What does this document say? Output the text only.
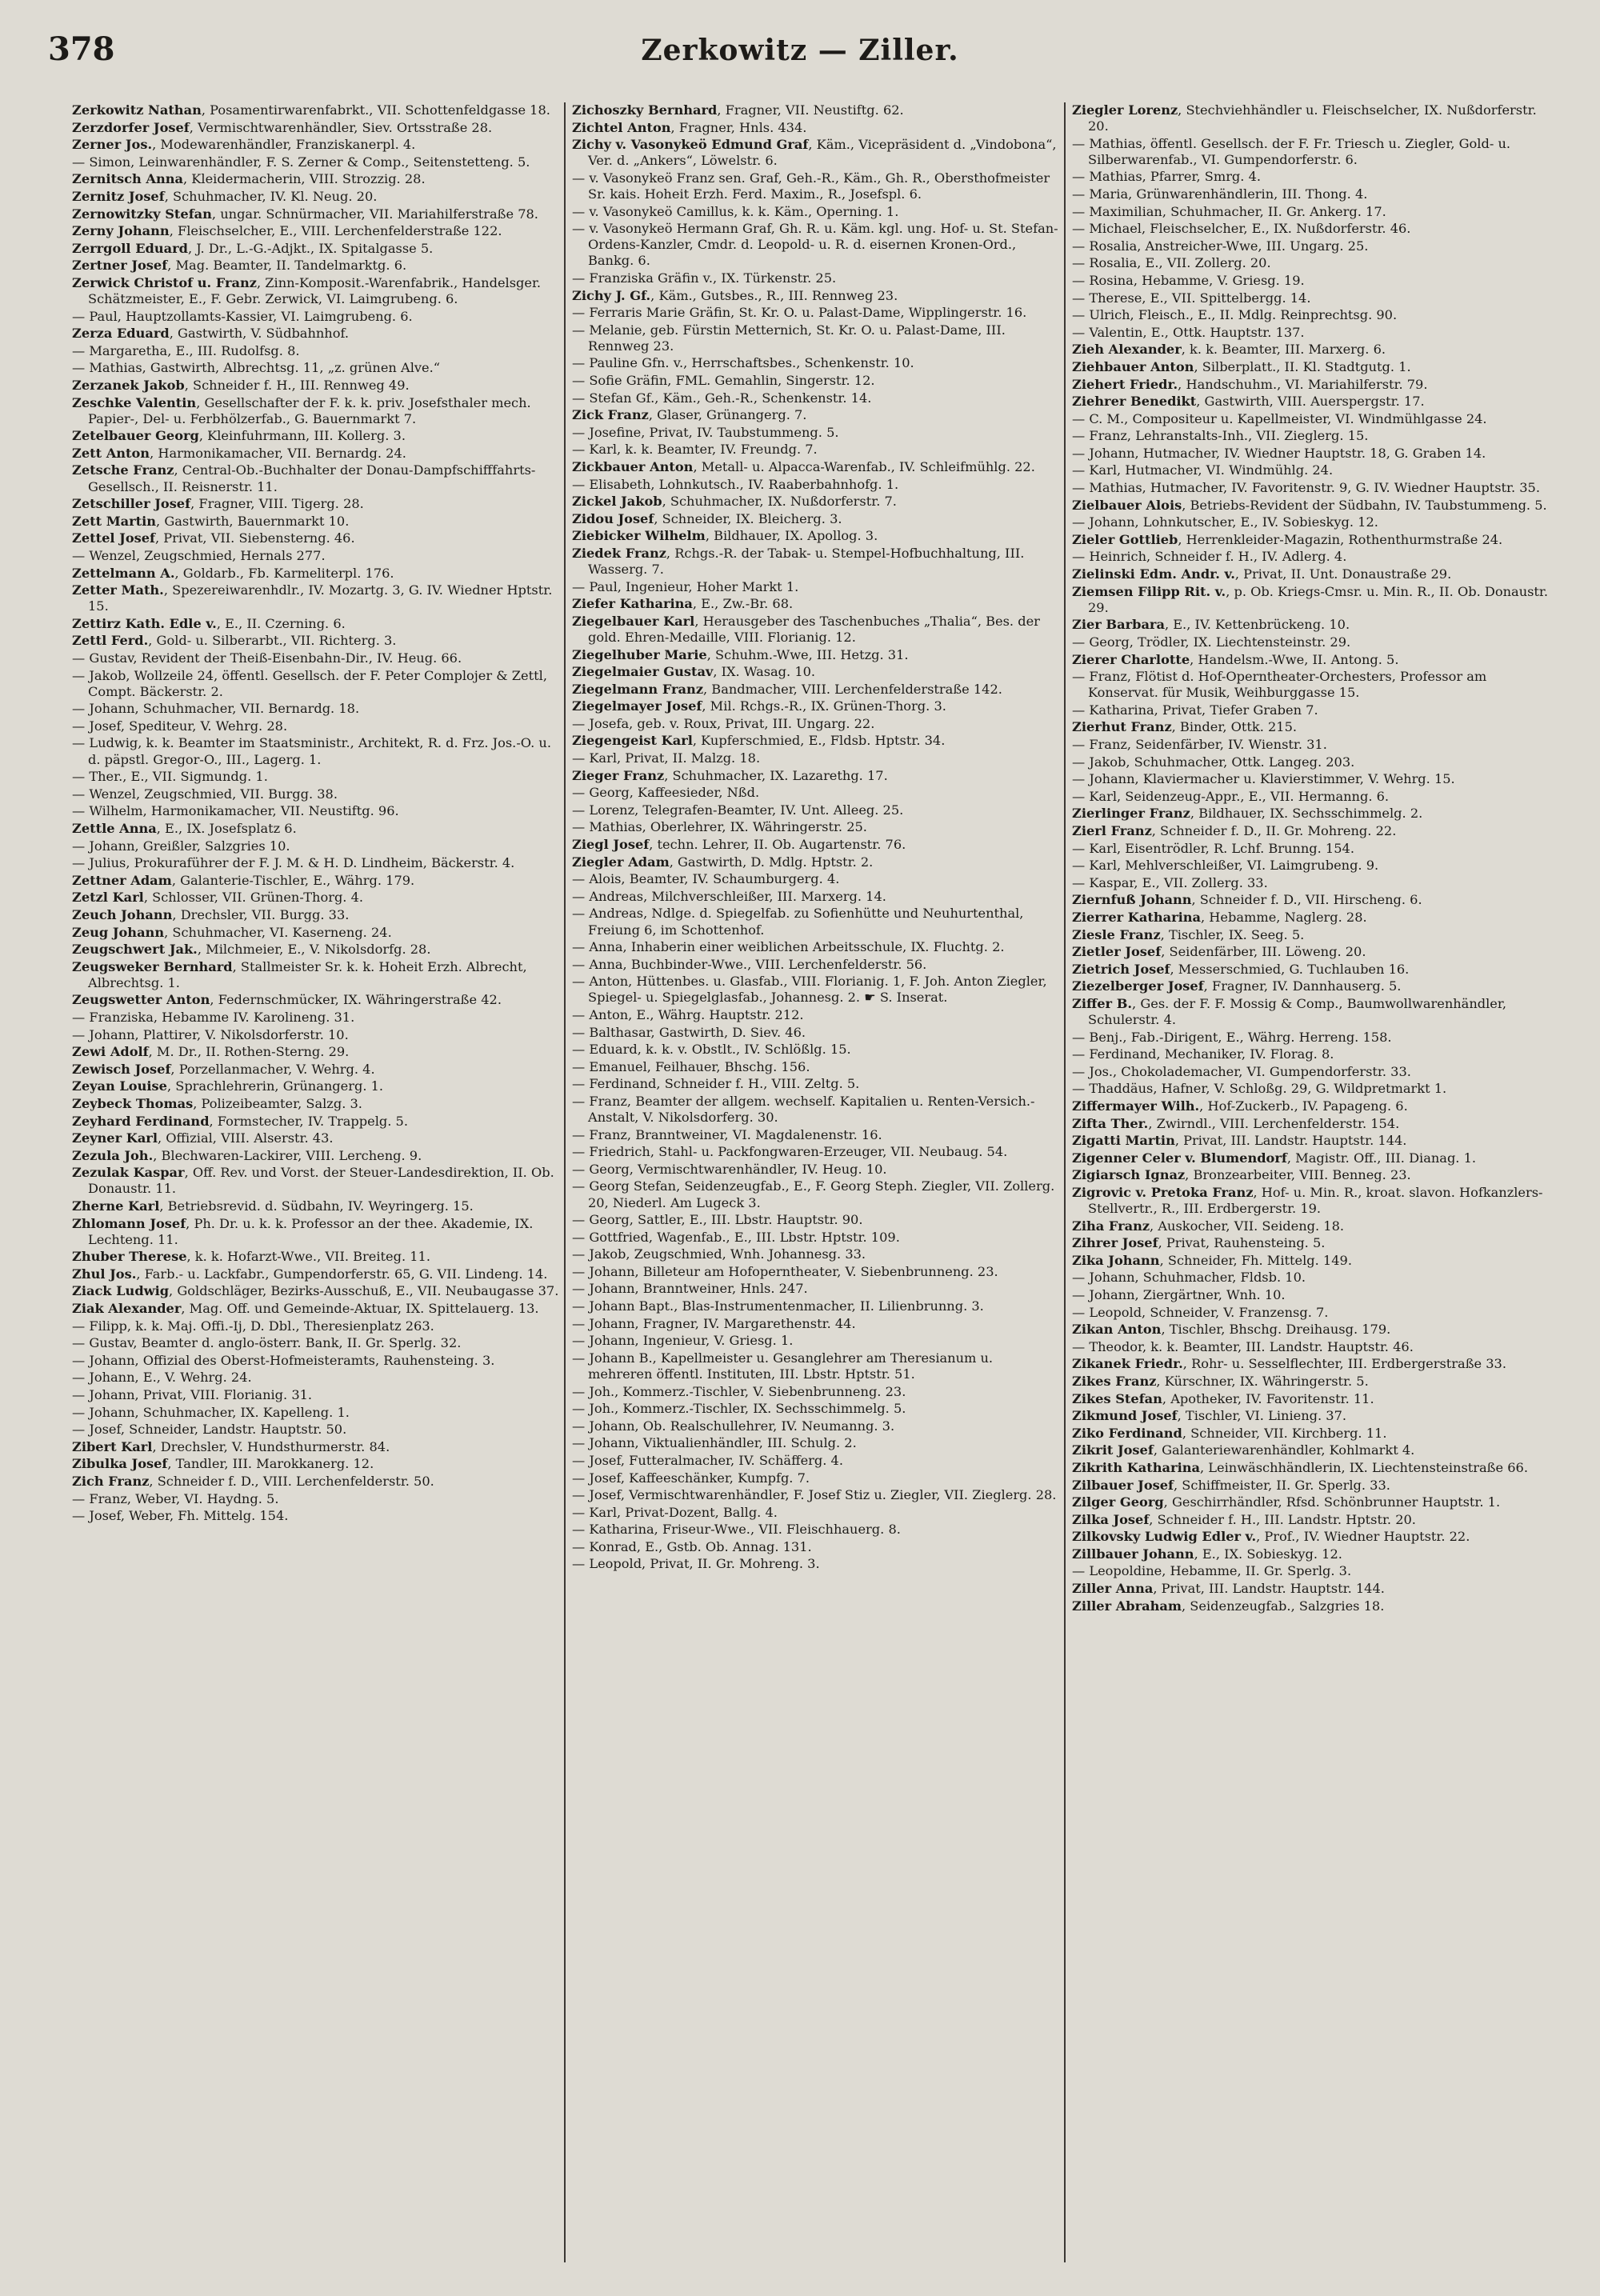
378	Zerkowitz — Ziller.

Zerkowitz Nathan, Posamentirwarenfabrkt., VII. Schottenfeldgasse 18.

Zerzdorfer Josef, Vermischtwarenhändler, Siev. Ortsstraße 28.

Zerner Jos., Modewarenhändler, Franziskanerpl. 4.

— Simon, Leinwarenhändler, F. S. Zerner & Comp., Seitenstetteng. 5.

Zernitsch Anna, Kleidermacherin, VIII. Strozzig. 28.

Zernitz Josef, Schuhmacher, IV. Kl. Neug. 20.

Zernowitzky Stefan, ungar. Schnürmacher, VII. Mariahilferstraße 78.

Zerny Johann, Fleischselcher, E., VIII. Lerchenfelderstraße 122.

Zerrgoll Eduard, J. Dr., L.-G.-Adjkt., IX. Spitalgasse 5.

Zertner Josef, Mag. Beamter, II. Tandelmarktg. 6.

Zerwick Christof u. Franz, Zinn-Komposit.-Warenfabrik., Handelsger. Schätzmeister, E., F. Gebr. Zerwick, VI. Laimgrubeng. 6.

— Paul, Hauptzollamts-Kassier, VI. Laimgrubeng. 6.

Zerza Eduard, Gastwirth, V. Südbahnhof.

— Margaretha, E., III. Rudolfsg. 8.

— Mathias, Gastwirth, Albrechtsg. 11, „z. grünen Alve.“

Zerzanek Jakob, Schneider f. H., III. Rennweg 49.

Zeschke Valentin, Gesellschafter der F. k. k. priv. Josefsthaler mech. Papier-, Del- u. Ferbhölzerfab., G. Bauernmarkt 7.

Zetelbauer Georg, Kleinfuhrmann, III. Kollerg. 3.

Zett Anton, Harmonikamacher, VII. Bernardg. 24.

Zetsche Franz, Central-Ob.-Buchhalter der Donau-Dampfschifffahrts-Gesellsch., II. Reisnerstr. 11.

Zetschiller Josef, Fragner, VIII. Tigerg. 28.

Zett Martin, Gastwirth, Bauernmarkt 10.

Zettel Josef, Privat, VII. Siebensterng. 46.

— Wenzel, Zeugschmied, Hernals 277.

Zettelmann A., Goldarb., Fb. Karmeliterpl. 176.

Zetter Math., Spezereiwarenhdlr., IV. Mozartg. 3, G. IV. Wiedner Hptstr. 15.

Zettirz Kath. Edle v., E., II. Czerning. 6.

Zettl Ferd., Gold- u. Silberarbt., VII. Richterg. 3.

— Gustav, Revident der Theiß-Eisenbahn-Dir., IV. Heug. 66.

— Jakob, Wollzeile 24, öffentl. Gesellsch. der F. Peter Complojer & Zettl, Compt. Bäckerstr. 2.

— Johann, Schuhmacher, VII. Bernardg. 18.

— Josef, Spediteur, V. Wehrg. 28.

— Ludwig, k. k. Beamter im Staatsministr., Architekt, R. d. Frz. Jos.-O. u. d. päpstl. Gregor-O., III., Lagerg. 1.

— Ther., E., VII. Sigmundg. 1.

— Wenzel, Zeugschmied, VII. Burgg. 38.

— Wilhelm, Harmonikamacher, VII. Neustiftg. 96.

Zettle Anna, E., IX. Josefsplatz 6.

— Johann, Greißler, Salzgries 10.

— Julius, Prokuraführer der F. J. M. & H. D. Lindheim, Bäckerstr. 4.

Zettner Adam, Galanterie-Tischler, E., Währg. 179.

Zetzl Karl, Schlosser, VII. Grünen-Thorg. 4.

Zeuch Johann, Drechsler, VII. Burgg. 33.

Zeug Johann, Schuhmacher, VI. Kaserneng. 24.

Zeugschwert Jak., Milchmeier, E., V. Nikolsdorfg. 28.

Zeugsweker Bernhard, Stallmeister Sr. k. k. Hoheit Erzh. Albrecht, Albrechtsg. 1.

Zeugswetter Anton, Federnschmücker, IX. Währingerstraße 42.

— Franziska, Hebamme IV. Karolineng. 31.

— Johann, Plattirer, V. Nikolsdorferstr. 10.

Zewi Adolf, M. Dr., II. Rothen-Sterng. 29.

Zewisch Josef, Porzellanmacher, V. Wehrg. 4.

Zeyan Louise, Sprachlehrerin, Grünangerg. 1.

Zeybeck Thomas, Polizeibeamter, Salzg. 3.

Zeyhard Ferdinand, Formstecher, IV. Trappelg. 5.

Zeyner Karl, Offizial, VIII. Alserstr. 43.

Zezula Joh., Blechwaren-Lackirer, VIII. Lercheng. 9.

Zezulak Kaspar, Off. Rev. und Vorst. der Steuer-Landesdirektion, II. Ob. Donaustr. 11.

Zherne Karl, Betriebsrevid. d. Südbahn, IV. Weyringerg. 15.

Zhlomann Josef, Ph. Dr. u. k. k. Professor an der thee. Akademie, IX. Lechteng. 11.

Zhuber Therese, k. k. Hofarzt-Wwe., VII. Breiteg. 11.

Zhul Jos., Farb.- u. Lackfabr., Gumpendorferstr. 65, G. VII. Lindeng. 14.

Ziack Ludwig, Goldschläger, Bezirks-Ausschuß, E., VII. Neubaugasse 37.

Ziak Alexander, Mag. Off. und Gemeinde-Aktuar, IX. Spittelauerg. 13.

— Filipp, k. k. Maj. Offi.-Ij, D. Dbl., Theresienplatz 263.

— Gustav, Beamter d. anglo-österr. Bank, II. Gr. Sperlg. 32.

— Johann, Offizial des Oberst-Hofmeisteramts, Rauhensteing. 3.

— Johann, E., V. Wehrg. 24.

— Johann, Privat, VIII. Florianig. 31.

— Johann, Schuhmacher, IX. Kapelleng. 1.

— Josef, Schneider, Landstr. Hauptstr. 50.

Zibert Karl, Drechsler, V. Hundsthurmerstr. 84.

Zibulka Josef, Tandler, III. Marokkanerg. 12.

Zich Franz, Schneider f. D., VIII. Lerchenfelderstr. 50.

— Franz, Weber, VI. Haydng. 5.

— Josef, Weber, Fh. Mittelg. 154.

Zichoszky Bernhard, Fragner, VII. Neustiftg. 62.

Zichtel Anton, Fragner, Hnls. 434.

Zichy v. Vasonykeö Edmund Graf, Käm., Vicepräsident d. „Vindobona“, Ver. d. „Ankers“, Löwelstr. 6.

— v. Vasonykeö Franz sen. Graf, Geh.-R., Käm., Gh. R., Obersthofmeister Sr. kais. Hoheit Erzh. Ferd. Maxim., R., Josefspl. 6.

— v. Vasonykeö Camillus, k. k. Käm., Operning. 1.

— v. Vasonykeö Hermann Graf, Gh. R. u. Käm. kgl. ung. Hof- u. St. Stefan-Ordens-Kanzler, Cmdr. d. Leopold- u. R. d. eisernen Kronen-Ord., Bankg. 6.

— Franziska Gräfin v., IX. Türkenstr. 25.

Zichy J. Gf., Käm., Gutsbes., R., III. Rennweg 23.

— Ferraris Marie Gräfin, St. Kr. O. u. Palast-Dame, Wipplingerstr. 16.

— Melanie, geb. Fürstin Metternich, St. Kr. O. u. Palast-Dame, III. Rennweg 23.

— Pauline Gfn. v., Herrschaftsbes., Schenkenstr. 10.

— Sofie Gräfin, FML. Gemahlin, Singerstr. 12.

— Stefan Gf., Käm., Geh.-R., Schenkenstr. 14.

Zick Franz, Glaser, Grünangerg. 7.

— Josefine, Privat, IV. Taubstummeng. 5.

— Karl, k. k. Beamter, IV. Freundg. 7.

Zickbauer Anton, Metall- u. Alpacca-Warenfab., IV. Schleifmühlg. 22.

— Elisabeth, Lohnkutsch., IV. Raaberbahnhofg. 1.

Zickel Jakob, Schuhmacher, IX. Nußdorferstr. 7.

Zidou Josef, Schneider, IX. Bleicherg. 3.

Ziebicker Wilhelm, Bildhauer, IX. Apollog. 3.

Ziedek Franz, Rchgs.-R. der Tabak- u. Stempel-Hofbuchhaltung, III. Wasserg. 7.

— Paul, Ingenieur, Hoher Markt 1.

Ziefer Katharina, E., Zw.-Br. 68.

Ziegelbauer Karl, Herausgeber des Taschenbuches „Thalia“, Bes. der gold. Ehren-Medaille, VIII. Florianig. 12.

Ziegelhuber Marie, Schuhm.-Wwe, III. Hetzg. 31.

Ziegelmaier Gustav, IX. Wasag. 10.

Ziegelmann Franz, Bandmacher, VIII. Lerchenfelderstraße 142.

Ziegelmayer Josef, Mil. Rchgs.-R., IX. Grünen-Thorg. 3.

— Josefa, geb. v. Roux, Privat, III. Ungarg. 22.

Ziegengeist Karl, Kupferschmied, E., Fldsb. Hptstr. 34.

— Karl, Privat, II. Malzg. 18.

Zieger Franz, Schuhmacher, IX. Lazarethg. 17.

— Georg, Kaffeesieder, Nßd.

— Lorenz, Telegrafen-Beamter, IV. Unt. Alleeg. 25.

— Mathias, Oberlehrer, IX. Währingerstr. 25.

Ziegl Josef, techn. Lehrer, II. Ob. Augartenstr. 76.

Ziegler Adam, Gastwirth, D. Mdlg. Hptstr. 2.

— Alois, Beamter, IV. Schaumburgerg. 4.

— Andreas, Milchverschleißer, III. Marxerg. 14.

— Andreas, Ndlge. d. Spiegelfab. zu Sofienhütte und Neuhurtenthal, Freiung 6, im Schottenhof.

— Anna, Inhaberin einer weiblichen Arbeitsschule, IX. Fluchtg. 2.

— Anna, Buchbinder-Wwe., VIII. Lerchenfelderstr. 56.

— Anton, Hüttenbes. u. Glasfab., VIII. Florianig. 1, F. Joh. Anton Ziegler, Spiegel- u. Spiegelglasfab., Johannesg. 2. ☛ S. Inserat.

— Anton, E., Währg. Hauptstr. 212.

— Balthasar, Gastwirth, D. Siev. 46.

— Eduard, k. k. v. Obstlt., IV. Schlößlg. 15.

— Emanuel, Feilhauer, Bhschg. 156.

— Ferdinand, Schneider f. H., VIII. Zeltg. 5.

— Franz, Beamter der allgem. wechself. Kapitalien u. Renten-Versich.-Anstalt, V. Nikolsdorferg. 30.

— Franz, Branntweiner, VI. Magdalenenstr. 16.

— Friedrich, Stahl- u. Packfongwaren-Erzeuger, VII. Neubaug. 54.

— Georg, Vermischtwarenhändler, IV. Heug. 10.

— Georg Stefan, Seidenzeugfab., E., F. Georg Steph. Ziegler, VII. Zollerg. 20, Niederl. Am Lugeck 3.

— Georg, Sattler, E., III. Lbstr. Hauptstr. 90.

— Gottfried, Wagenfab., E., III. Lbstr. Hptstr. 109.

— Jakob, Zeugschmied, Wnh. Johannesg. 33.

— Johann, Billeteur am Hofoperntheater, V. Siebenbrunneng. 23.

— Johann, Branntweiner, Hnls. 247.

— Johann Bapt., Blas-Instrumentenmacher, II. Lilienbrunng. 3.

— Johann, Fragner, IV. Margarethenstr. 44.

— Johann, Ingenieur, V. Griesg. 1.

— Johann B., Kapellmeister u. Gesanglehrer am Theresianum u. mehreren öffentl. Instituten, III. Lbstr. Hptstr. 51.

— Joh., Kommerz.-Tischler, V. Siebenbrunneng. 23.

— Joh., Kommerz.-Tischler, IX. Sechsschimmelg. 5.

— Johann, Ob. Realschullehrer, IV. Neumanng. 3.

— Johann, Viktualienhändler, III. Schulg. 2.

— Josef, Futteralmacher, IV. Schäfferg. 4.

— Josef, Kaffeeschänker, Kumpfg. 7.

— Josef, Vermischtwarenhändler, F. Josef Stiz u. Ziegler, VII. Zieglerg. 28.

— Karl, Privat-Dozent, Ballg. 4.

— Katharina, Friseur-Wwe., VII. Fleischhauerg. 8.

— Konrad, E., Gstb. Ob. Annag. 131.

— Leopold, Privat, II. Gr. Mohreng. 3.

Ziegler Lorenz, Stechviehhändler u. Fleischselcher, IX. Nußdorferstr. 20.

— Mathias, öffentl. Gesellsch. der F. Fr. Triesch u. Ziegler, Gold- u. Silberwarenfab., VI. Gumpendorferstr. 6.

— Mathias, Pfarrer, Smrg. 4.

— Maria, Grünwarenhändlerin, III. Thong. 4.

— Maximilian, Schuhmacher, II. Gr. Ankerg. 17.

— Michael, Fleischselcher, E., IX. Nußdorferstr. 46.

— Rosalia, Anstreicher-Wwe, III. Ungarg. 25.

— Rosalia, E., VII. Zollerg. 20.

— Rosina, Hebamme, V. Griesg. 19.

— Therese, E., VII. Spittelbergg. 14.

— Ulrich, Fleisch., E., II. Mdlg. Reinprechtsg. 90.

— Valentin, E., Ottk. Hauptstr. 137.

Zieh Alexander, k. k. Beamter, III. Marxerg. 6.

Ziehbauer Anton, Silberplatt., II. Kl. Stadtgutg. 1.

Ziehert Friedr., Handschuhm., VI. Mariahilferstr. 79.

Ziehrer Benedikt, Gastwirth, VIII. Auerspergstr. 17.

— C. M., Compositeur u. Kapellmeister, VI. Windmühlgasse 24.

— Franz, Lehranstalts-Inh., VII. Zieglerg. 15.

— Johann, Hutmacher, IV. Wiedner Hauptstr. 18, G. Graben 14.

— Karl, Hutmacher, VI. Windmühlg. 24.

— Mathias, Hutmacher, IV. Favoritenstr. 9, G. IV. Wiedner Hauptstr. 35.

Zielbauer Alois, Betriebs-Revident der Südbahn, IV. Taubstummeng. 5.

— Johann, Lohnkutscher, E., IV. Sobieskyg. 12.

Zieler Gottlieb, Herrenkleider-Magazin, Rothenthurmstraße 24.

— Heinrich, Schneider f. H., IV. Adlerg. 4.

Zielinski Edm. Andr. v., Privat, II. Unt. Donaustraße 29.

Ziemsen Filipp Rit. v., p. Ob. Kriegs-Cmsr. u. Min. R., II. Ob. Donaustr. 29.

Zier Barbara, E., IV. Kettenbrückeng. 10.

— Georg, Trödler, IX. Liechtensteinstr. 29.

Zierer Charlotte, Handelsm.-Wwe, II. Antong. 5.

— Franz, Flötist d. Hof-Operntheater-Orchesters, Professor am Konservat. für Musik, Weihburggasse 15.

— Katharina, Privat, Tiefer Graben 7.

Zierhut Franz, Binder, Ottk. 215.

— Franz, Seidenfärber, IV. Wienstr. 31.

— Jakob, Schuhmacher, Ottk. Langeg. 203.

— Johann, Klaviermacher u. Klavierstimmer, V. Wehrg. 15.

— Karl, Seidenzeug-Appr., E., VII. Hermanng. 6.

Zierlinger Franz, Bildhauer, IX. Sechsschimmelg. 2.

Zierl Franz, Schneider f. D., II. Gr. Mohreng. 22.

— Karl, Eisentrödler, R. Lchf. Brunng. 154.

— Karl, Mehlverschleißer, VI. Laimgrubeng. 9.

— Kaspar, E., VII. Zollerg. 33.

Ziernfuß Johann, Schneider f. D., VII. Hirscheng. 6.

Zierrer Katharina, Hebamme, Naglerg. 28.

Ziesle Franz, Tischler, IX. Seeg. 5.

Zietler Josef, Seidenfärber, III. Löweng. 20.

Zietrich Josef, Messerschmied, G. Tuchlauben 16.

Ziezelberger Josef, Fragner, IV. Dannhauserg. 5.

Ziffer B., Ges. der F. F. Mossig & Comp., Baumwollwarenhändler, Schulerstr. 4.

— Benj., Fab.-Dirigent, E., Währg. Herreng. 158.

— Ferdinand, Mechaniker, IV. Florag. 8.

— Jos., Chokolademacher, VI. Gumpendorferstr. 33.

— Thaddäus, Hafner, V. Schloßg. 29, G. Wildpretmarkt 1.

Ziffermayer Wilh., Hof-Zuckerb., IV. Papageng. 6.

Zifta Ther., Zwirndl., VIII. Lerchenfelderstr. 154.

Zigatti Martin, Privat, III. Landstr. Hauptstr. 144.

Zigenner Celer v. Blumendorf, Magistr. Off., III. Dianag. 1.

Zigiarsch Ignaz, Bronzearbeiter, VIII. Benneg. 23.

Zigrovic v. Pretoka Franz, Hof- u. Min. R., kroat. slavon. Hofkanzlers-Stellvertr., R., III. Erdbergerstr. 19.

Ziha Franz, Auskocher, VII. Seideng. 18.

Zihrer Josef, Privat, Rauhensteing. 5.

Zika Johann, Schneider, Fh. Mittelg. 149.

— Johann, Schuhmacher, Fldsb. 10.

— Johann, Ziergärtner, Wnh. 10.

— Leopold, Schneider, V. Franzensg. 7.

Zikan Anton, Tischler, Bhschg. Dreihausg. 179.

— Theodor, k. k. Beamter, III. Landstr. Hauptstr. 46.

Zikanek Friedr., Rohr- u. Sesselflechter, III. Erdbergerstraße 33.

Zikes Franz, Kürschner, IX. Währingerstr. 5.

Zikes Stefan, Apotheker, IV. Favoritenstr. 11.

Zikmund Josef, Tischler, VI. Linieng. 37.

Ziko Ferdinand, Schneider, VII. Kirchberg. 11.

Zikrit Josef, Galanteriewarenhändler, Kohlmarkt 4.

Zikrith Katharina, Leinwäschhändlerin, IX. Liechtensteinstraße 66.

Zilbauer Josef, Schiffmeister, II. Gr. Sperlg. 33.

Zilger Georg, Geschirrhändler, Rfsd. Schönbrunner Hauptstr. 1.

Zilka Josef, Schneider f. H., III. Landstr. Hptstr. 20.

Zilkovsky Ludwig Edler v., Prof., IV. Wiedner Hauptstr. 22.

Zillbauer Johann, E., IX. Sobieskyg. 12.

— Leopoldine, Hebamme, II. Gr. Sperlg. 3.

Ziller Anna, Privat, III. Landstr. Hauptstr. 144.

Ziller Abraham, Seidenzeugfab., Salzgries 18.
